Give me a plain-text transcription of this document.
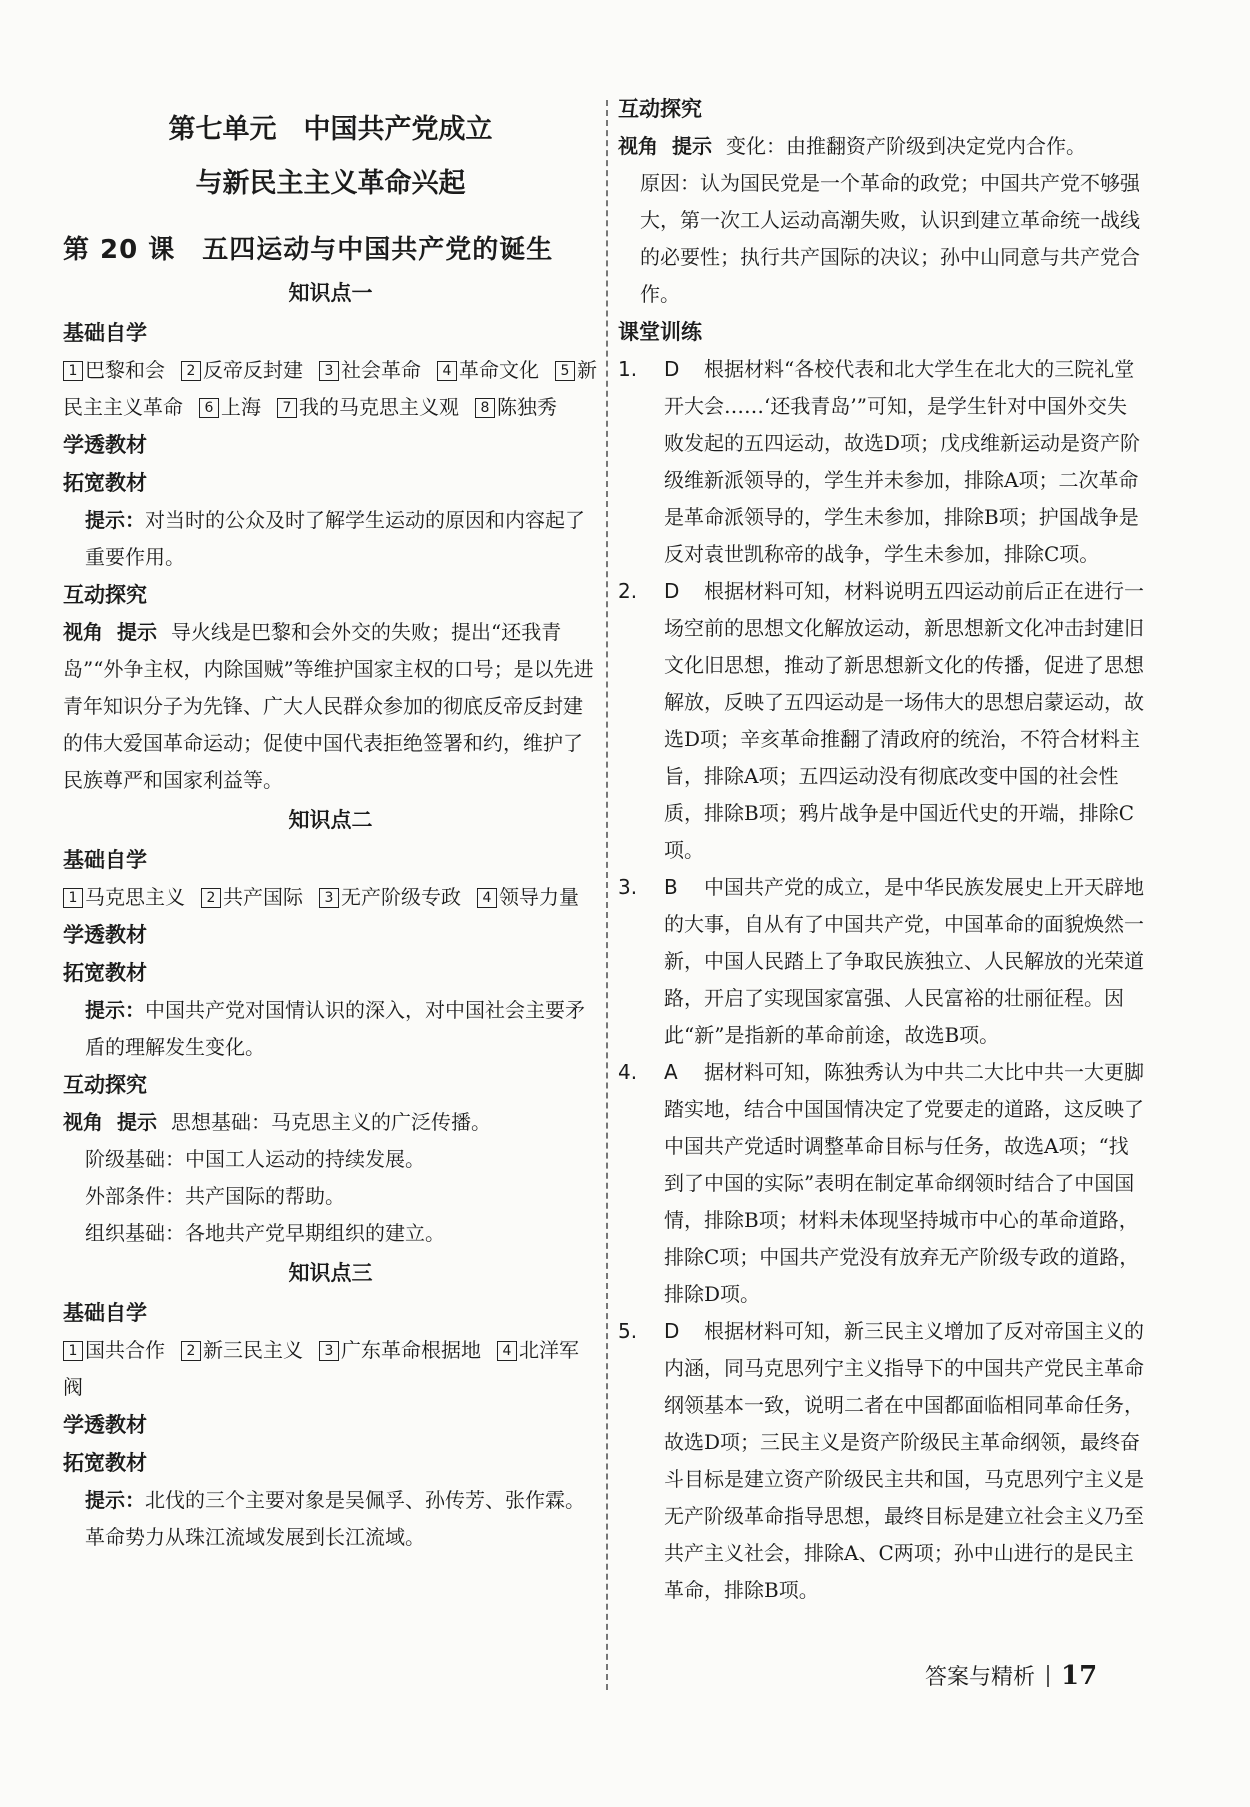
第七单元　中国共产党成立
与新民主主义革命兴起
第 20 课　五四运动与中国共产党的诞生
知识点一
基础自学
1 巴黎和会 2 反帝反封建 3 社会革命 4 革命文化 5 新民主主义革命 6 上海 7 我的马克思主义观 8 陈独秀
学透教材
拓宽教材
提示：对当时的公众及时了解学生运动的原因和内容起了重要作用。
互动探究
视角 提示 导火线是巴黎和会外交的失败；提出“还我青岛”“外争主权，内除国贼”等维护国家主权的口号；是以先进青年知识分子为先锋、广大人民群众参加的彻底反帝反封建的伟大爱国革命运动；促使中国代表拒绝签署和约，维护了民族尊严和国家利益等。
知识点二
基础自学
1 马克思主义 2 共产国际 3 无产阶级专政 4 领导力量
学透教材
拓宽教材
提示：中国共产党对国情认识的深入，对中国社会主要矛盾的理解发生变化。
互动探究
视角 提示 思想基础：马克思主义的广泛传播。
阶级基础：中国工人运动的持续发展。
外部条件：共产国际的帮助。
组织基础：各地共产党早期组织的建立。
知识点三
基础自学
1 国共合作 2 新三民主义 3 广东革命根据地 4 北洋军阀
学透教材
拓宽教材
提示：北伐的三个主要对象是吴佩孚、孙传芳、张作霖。革命势力从珠江流域发展到长江流域。
互动探究
视角 提示 变化：由推翻资产阶级到决定党内合作。
原因：认为国民党是一个革命的政党；中国共产党不够强大，第一次工人运动高潮失败，认识到建立革命统一战线的必要性；执行共产国际的决议；孙中山同意与共产党合作。
课堂训练
1. D 根据材料“各校代表和北大学生在北大的三院礼堂开大会……‘还我青岛’”可知，是学生针对中国外交失败发起的五四运动，故选D项；戊戌维新运动是资产阶级维新派领导的，学生并未参加，排除A项；二次革命是革命派领导的，学生未参加，排除B项；护国战争是反对袁世凯称帝的战争，学生未参加，排除C项。
2. D 根据材料可知，材料说明五四运动前后正在进行一场空前的思想文化解放运动，新思想新文化冲击封建旧文化旧思想，推动了新思想新文化的传播，促进了思想解放，反映了五四运动是一场伟大的思想启蒙运动，故选D项；辛亥革命推翻了清政府的统治，不符合材料主旨，排除A项；五四运动没有彻底改变中国的社会性质，排除B项；鸦片战争是中国近代史的开端，排除C项。
3. B 中国共产党的成立，是中华民族发展史上开天辟地的大事，自从有了中国共产党，中国革命的面貌焕然一新，中国人民踏上了争取民族独立、人民解放的光荣道路，开启了实现国家富强、人民富裕的壮丽征程。因此“新”是指新的革命前途，故选B项。
4. A 据材料可知，陈独秀认为中共二大比中共一大更脚踏实地，结合中国国情决定了党要走的道路，这反映了中国共产党适时调整革命目标与任务，故选A项；“找到了中国的实际”表明在制定革命纲领时结合了中国国情，排除B项；材料未体现坚持城市中心的革命道路，排除C项；中国共产党没有放弃无产阶级专政的道路，排除D项。
5. D 根据材料可知，新三民主义增加了反对帝国主义的内涵，同马克思列宁主义指导下的中国共产党民主革命纲领基本一致，说明二者在中国都面临相同革命任务，故选D项；三民主义是资产阶级民主革命纲领，最终奋斗目标是建立资产阶级民主共和国，马克思列宁主义是无产阶级革命指导思想，最终目标是建立社会主义乃至共产主义社会，排除A、C两项；孙中山进行的是民主革命，排除B项。
答案与精析 17
